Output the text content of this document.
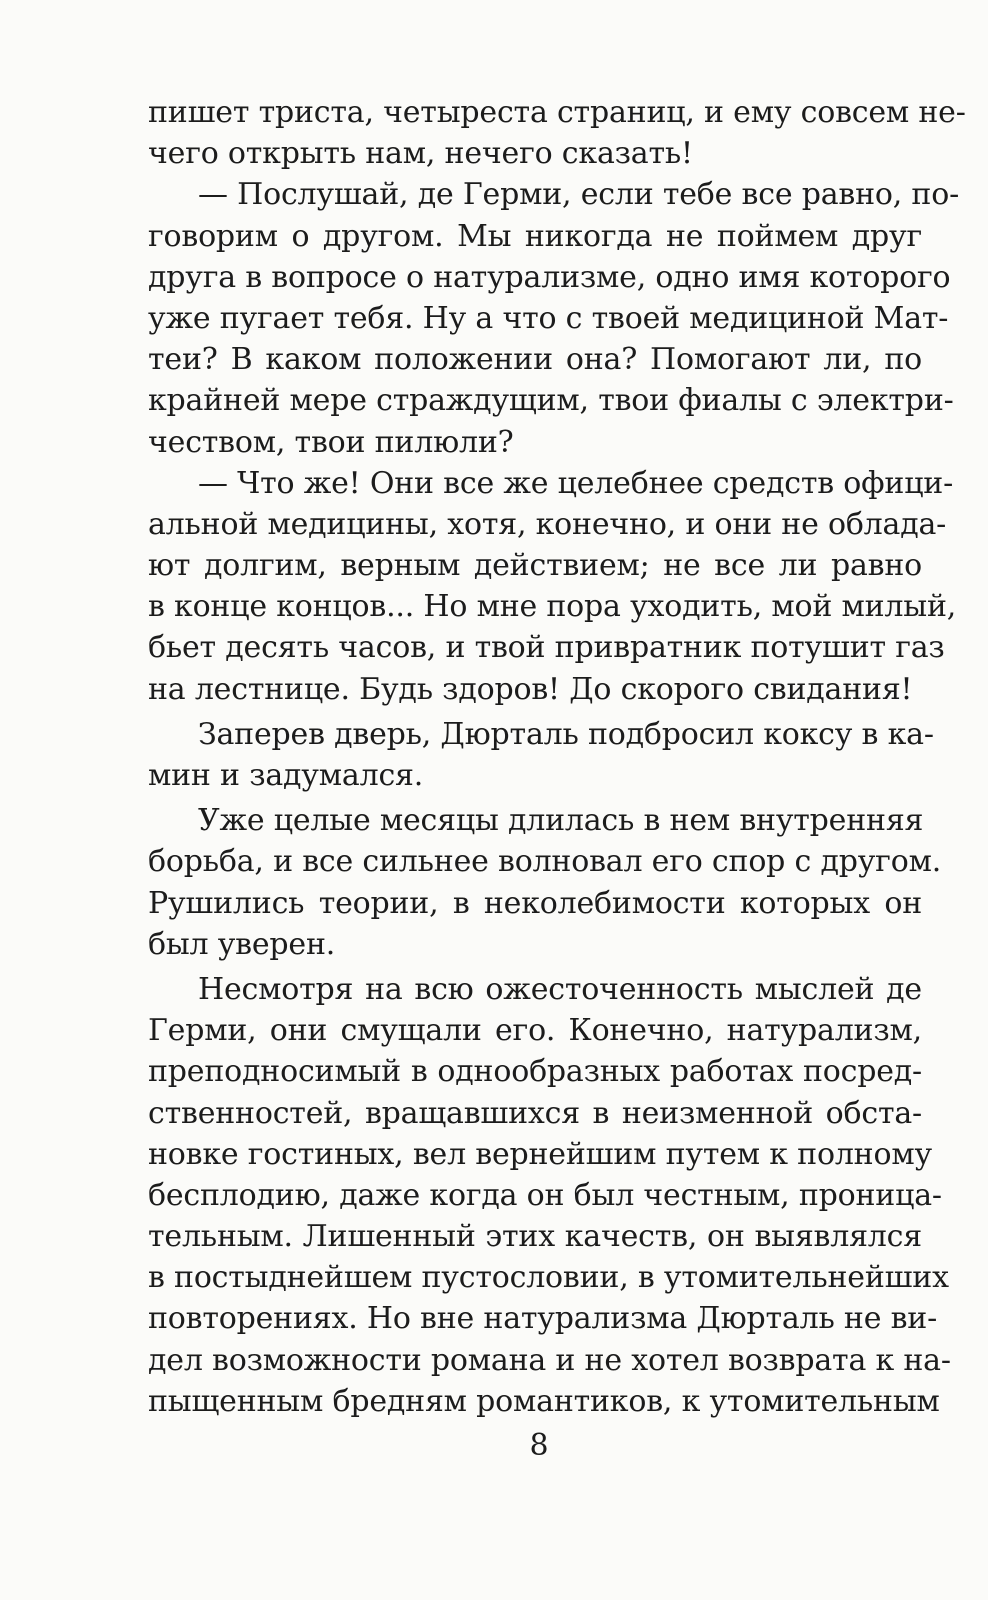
пишет триста, четыреста страниц, и ему совсем не-
чего открыть нам, нечего сказать!
— Послушай, де Герми, если тебе все равно, по-
говорим о другом. Мы никогда не поймем друг
друга в вопросе о натурализме, одно имя которого
уже пугает тебя. Ну а что с твоей медициной Мат-
теи? В каком положении она? Помогают ли, по
крайней мере страждущим, твои фиалы с электри-
чеством, твои пилюли?
— Что же! Они все же целебнее средств офици-
альной медицины, хотя, конечно, и они не облада-
ют долгим, верным действием; не все ли равно
в конце концов... Но мне пора уходить, мой милый,
бьет десять часов, и твой привратник потушит газ
на лестнице. Будь здоров! До скорого свидания!
Заперев дверь, Дюрталь подбросил коксу в ка-
мин и задумался.
Уже целые месяцы длилась в нем внутренняя
борьба, и все сильнее волновал его спор с другом.
Рушились теории, в неколебимости которых он
был уверен.
Несмотря на всю ожесточенность мыслей де
Герми, они смущали его. Конечно, натурализм,
преподносимый в однообразных работах посред-
ственностей, вращавшихся в неизменной обста-
новке гостиных, вел вернейшим путем к полному
бесплодию, даже когда он был честным, проница-
тельным. Лишенный этих качеств, он выявлялся
в постыднейшем пустословии, в утомительнейших
повторениях. Но вне натурализма Дюрталь не ви-
дел возможности романа и не хотел возврата к на-
пыщенным бредням романтиков, к утомительным
8
